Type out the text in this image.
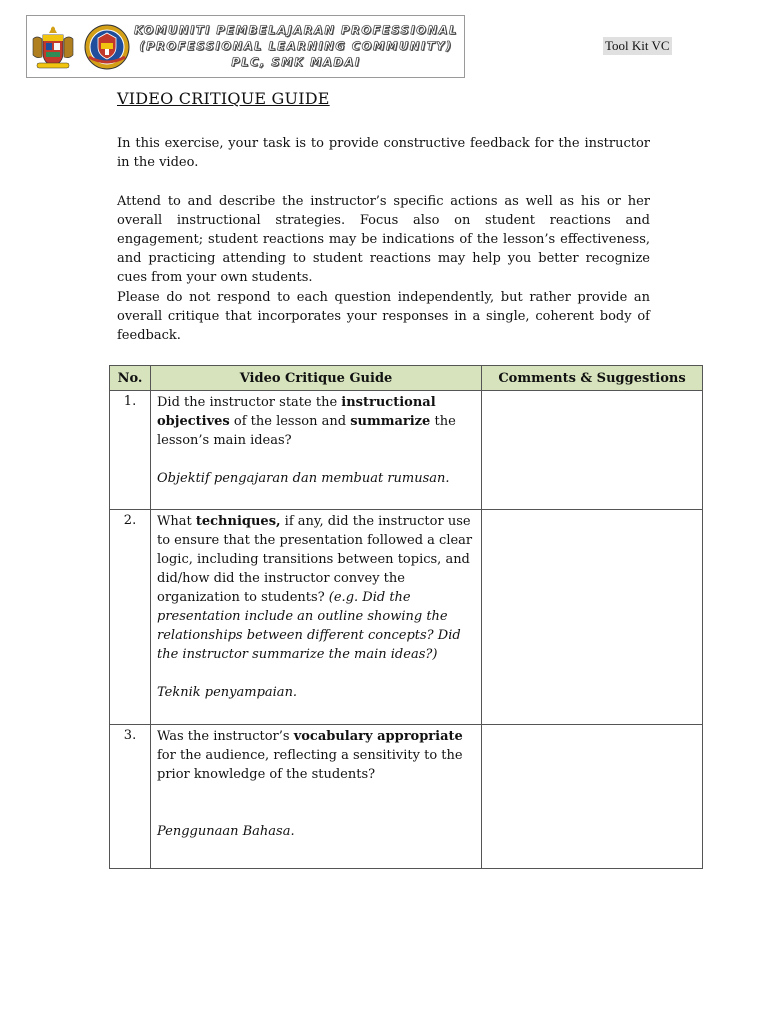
KOMUNITI PEMBELAJARAN PROFESSIONAL
(PROFESSIONAL LEARNING COMMUNITY)
PLC, SMK MADAI
Tool Kit VC
VIDEO CRITIQUE GUIDE

In this exercise, your task is to provide constructive feedback for the instructor in the video.

Attend to and describe the instructor’s specific actions as well as his or her overall instructional strategies. Focus also on student reactions and engagement; student reactions may be indications of the lesson’s effectiveness, and practicing attending to student reactions may help you better recognize cues from your own students.

Please do not respond to each question independently, but rather provide an overall critique that incorporates your responses in a single, coherent body of feedback.

No.	Video Critique Guide	Comments & Suggestions
1.	Did the instructor state the instructional objectives of the lesson and summarize the lesson’s main ideas?
Objektif pengajaran dan membuat rumusan.	

2.	What techniques, if any, did the instructor use to ensure that the presentation followed a clear logic, including transitions between topics, and did/how did the instructor convey the organization to students? (e.g. Did the presentation include an outline showing the relationships between different concepts? Did the instructor summarize the main ideas?)
Teknik penyampaian.	

3.	Was the instructor’s vocabulary appropriate for the audience, reflecting a sensitivity to the prior knowledge of the students?
Penggunaan Bahasa.	
